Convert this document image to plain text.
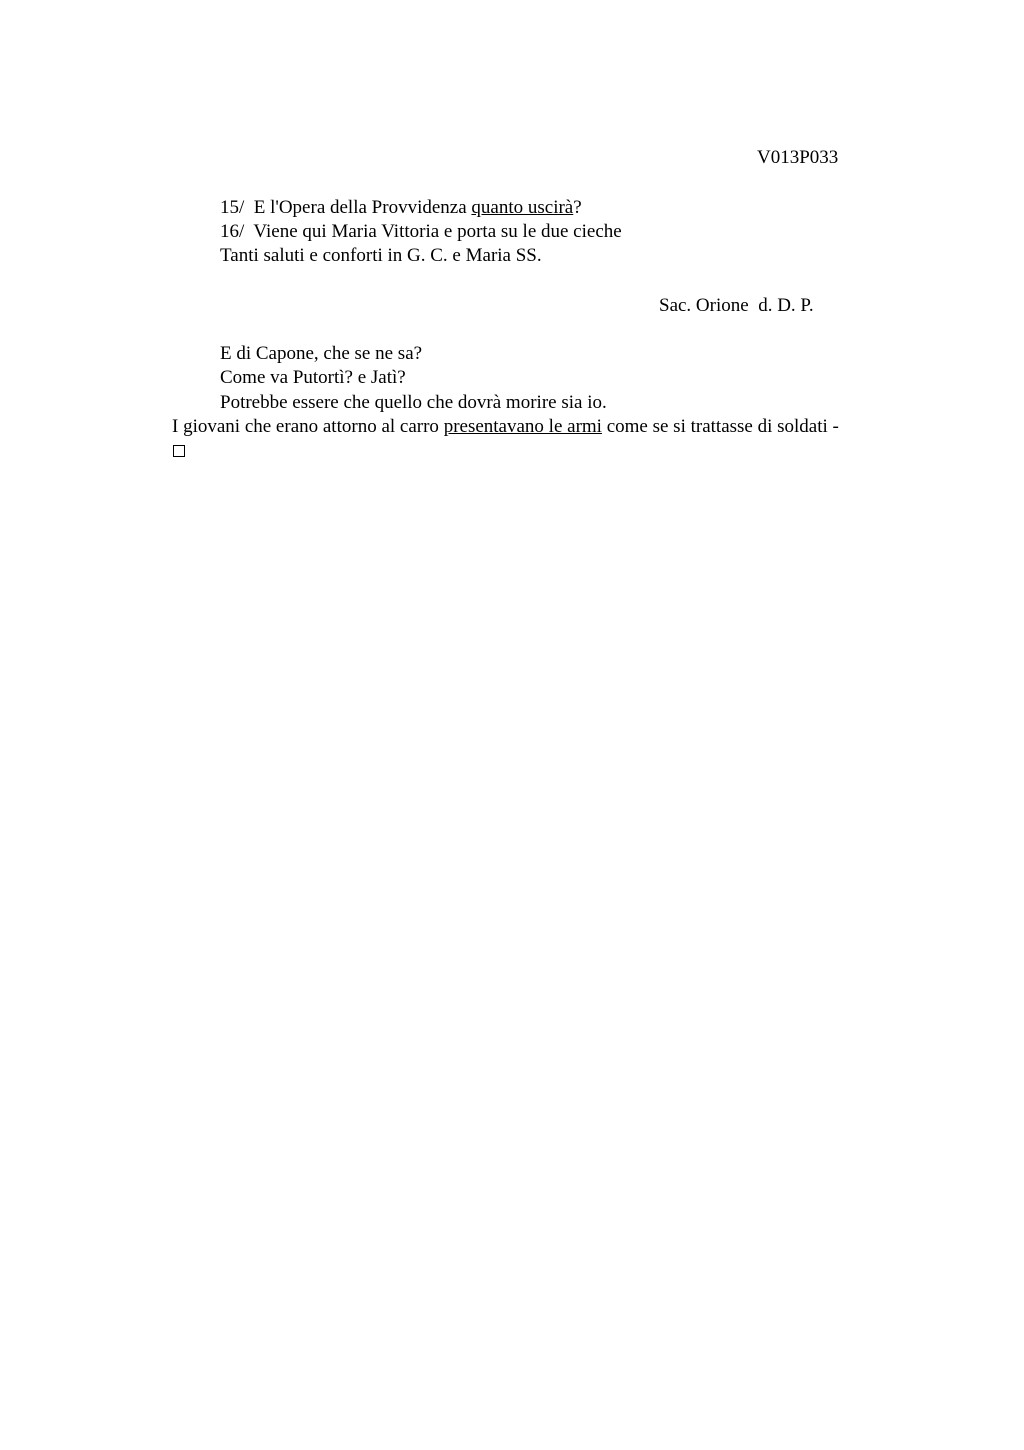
V013P033
15/  E l'Opera della Provvidenza quanto uscirà?
16/  Viene qui Maria Vittoria e porta su le due cieche
Tanti saluti e conforti in G. C. e Maria SS.
Sac. Orione  d. D. P.
E di Capone, che se ne sa?
Come va Putortì? e Jatì?
Potrebbe essere che quello che dovrà morire sia io.
I giovani che erano attorno al carro presentavano le armi come se si trattasse di soldati -
